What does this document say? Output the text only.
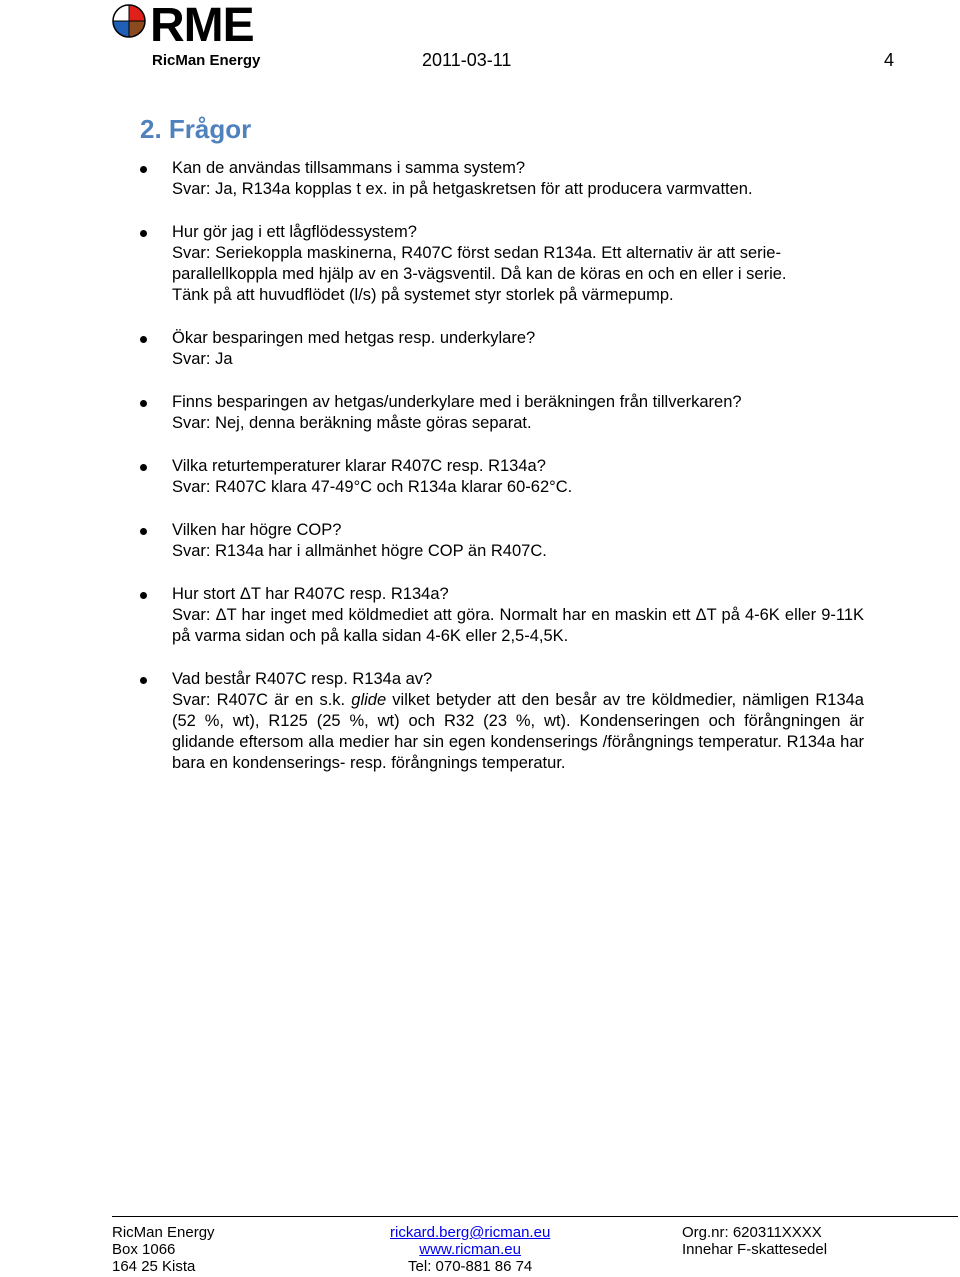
RME
RicMan Energy	2011-03-11	4
2. Frågor
Kan de användas tillsammans i samma system?
Svar: Ja, R134a kopplas t ex. in på hetgaskretsen för att producera varmvatten.
Hur gör jag i ett lågflödessystem?
Svar: Seriekoppla maskinerna, R407C först sedan R134a. Ett alternativ är att serie-parallellkoppla med hjälp av en 3-vägsventil. Då kan de köras en och en eller i serie.
Tänk på att huvudflödet (l/s) på systemet styr storlek på värmepump.
Ökar besparingen med hetgas resp. underkylare?
Svar: Ja
Finns besparingen av hetgas/underkylare med i beräkningen från tillverkaren?
Svar: Nej, denna beräkning måste göras separat.
Vilka returtemperaturer klarar R407C resp. R134a?
Svar: R407C klara 47-49°C och R134a klarar 60-62°C.
Vilken har högre COP?
Svar: R134a har i allmänhet högre COP än R407C.
Hur stort ΔT har R407C resp. R134a?
Svar: ΔT har inget med köldmediet att göra. Normalt har en maskin ett ΔT på 4-6K eller 9-11K på varma sidan och på kalla sidan 4-6K eller 2,5-4,5K.
Vad består R407C resp. R134a av?
Svar: R407C är en s.k. glide vilket betyder att den besår av tre köldmedier, nämligen R134a (52 %, wt), R125 (25 %, wt) och R32 (23 %, wt). Kondenseringen och förångningen är glidande eftersom alla medier har sin egen kondenserings /förångnings temperatur. R134a har bara en kondenserings- resp. förångnings temperatur.
RicMan Energy
Box 1066
164 25 Kista
rickard.berg@ricman.eu
www.ricman.eu
Tel: 070-881 86 74
Org.nr: 620311XXXX
Innehar F-skattesedel
